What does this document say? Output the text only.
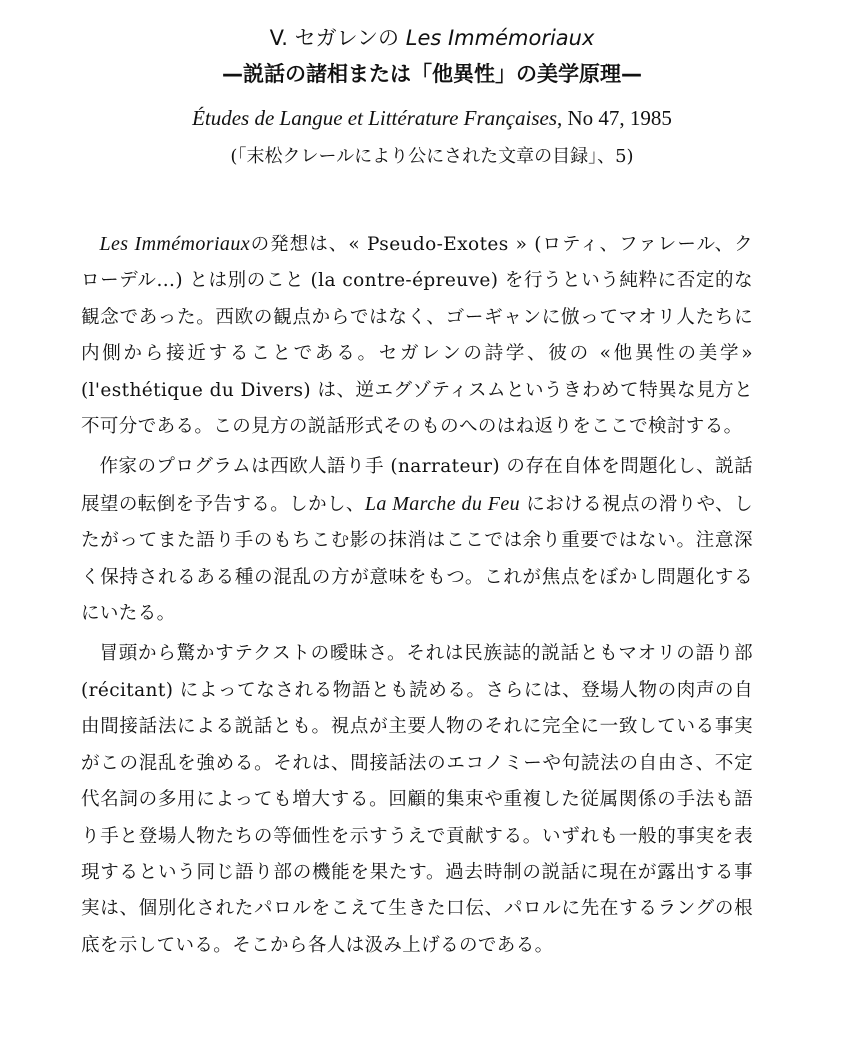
V. セガレンの Les Immémoriaux
—説話の諸相または「他異性」の美学原理—
Études de Langue et Littérature Françaises, No 47, 1985
(「末松クレールにより公にされた文章の目録」、5)

Les Immémoriauxの発想は、« Pseudo-Exotes » (ロティ、ファレール、クローデル...) とは別のこと (la contre-épreuve) を行うという純粋に否定的な観念であった。西欧の観点からではなく、ゴーギャンに倣ってマオリ人たちに内側から接近することである。セガレンの詩学、彼の «他異性の美学» (l'esthétique du Divers) は、逆エグゾティスムというきわめて特異な見方と不可分である。この見方の説話形式そのものへのはね返りをここで検討する。

作家のプログラムは西欧人語り手 (narrateur) の存在自体を問題化し、説話展望の転倒を予告する。しかし、La Marche du Feu における視点の滑りや、したがってまた語り手のもちこむ影の抹消はここでは余り重要ではない。注意深く保持されるある種の混乱の方が意味をもつ。これが焦点をぼかし問題化するにいたる。

冒頭から驚かすテクストの曖昧さ。それは民族誌的説話ともマオリの語り部 (récitant) によってなされる物語とも読める。さらには、登場人物の肉声の自由間接話法による説話とも。視点が主要人物のそれに完全に一致している事実がこの混乱を強める。それは、間接話法のエコノミーや句読法の自由さ、不定代名詞の多用によっても増大する。回顧的集束や重複した従属関係の手法も語り手と登場人物たちの等価性を示すうえで貢献する。いずれも一般的事実を表現するという同じ語り部の機能を果たす。過去時制の説話に現在が露出する事実は、個別化されたパロルをこえて生きた口伝、パロルに先在するラングの根底を示している。そこから各人は汲み上げるのである。
